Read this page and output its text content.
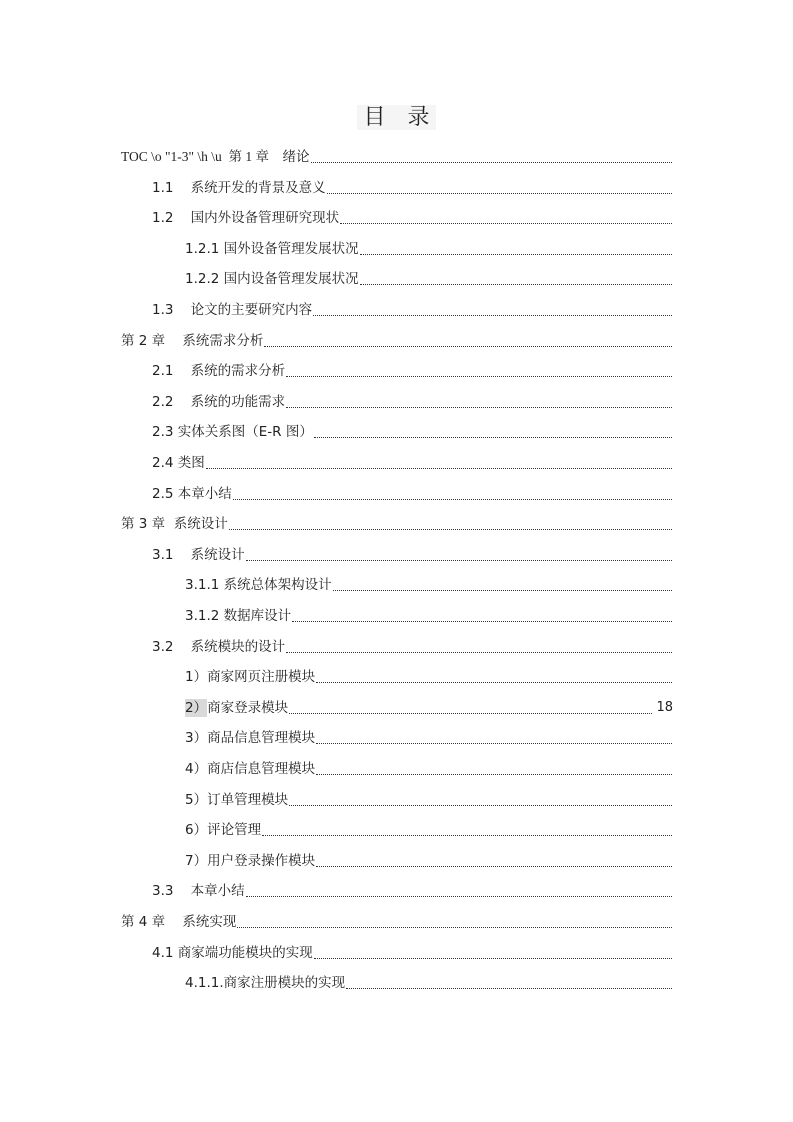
目　录
TOC \o "1-3" \h \u  第 1 章    绪论
1.1    系统开发的背景及意义
1.2    国内外设备管理研究现状
1.2.1 国外设备管理发展状况
1.2.2 国内设备管理发展状况
1.3    论文的主要研究内容
第 2 章    系统需求分析
2.1    系统的需求分析
2.2    系统的功能需求
2.3 实体关系图（E-R 图）
2.4 类图
2.5 本章小结
第 3 章  系统设计
3.1    系统设计
3.1.1 系统总体架构设计
3.1.2 数据库设计
3.2    系统模块的设计
1）商家网页注册模块
2） 商家登录模块	18
3）商品信息管理模块
4）商店信息管理模块
5）订单管理模块
6）评论管理
7）用户登录操作模块
3.3    本章小结
第 4 章    系统实现
4.1 商家端功能模块的实现
4.1.1.商家注册模块的实现
